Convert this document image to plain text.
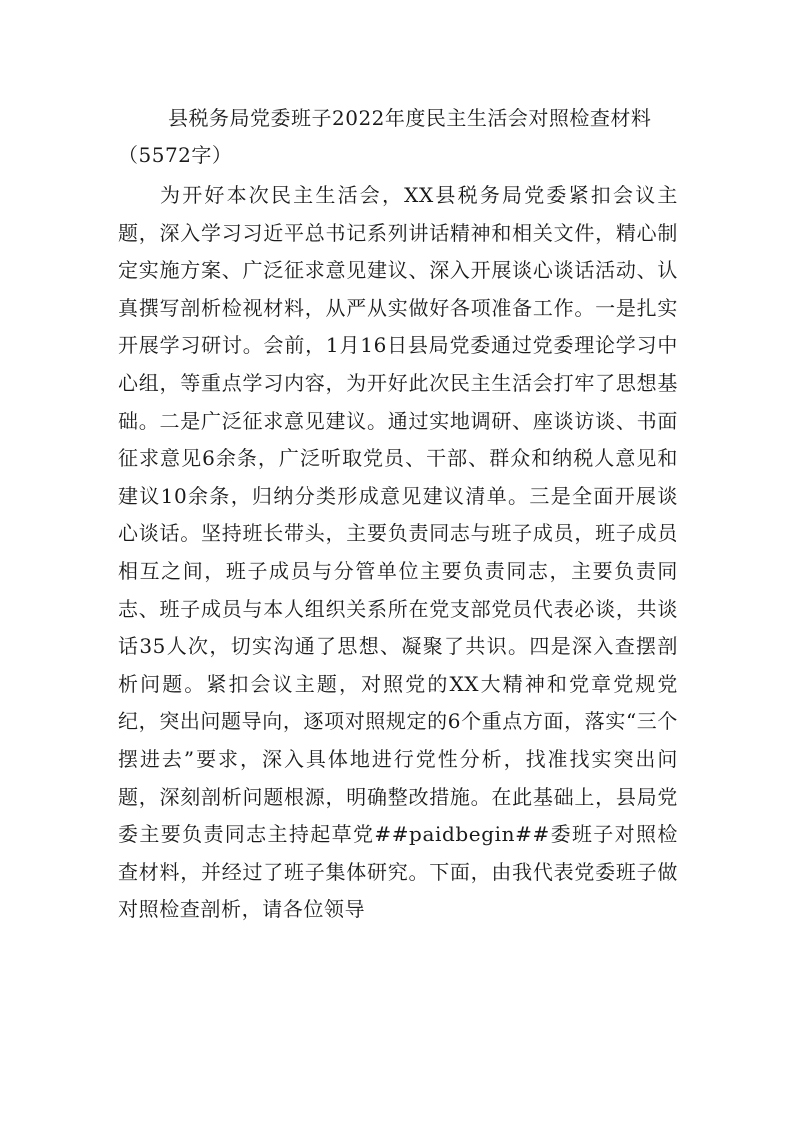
县税务局党委班子2022年度民主生活会对照检查材料（5572字）

为开好本次民主生活会，XX县税务局党委紧扣会议主题，深入学习习近平总书记系列讲话精神和相关文件，精心制定实施方案、广泛征求意见建议、深入开展谈心谈话活动、认真撰写剖析检视材料，从严从实做好各项准备工作。一是扎实开展学习研讨。会前，1月16日县局党委通过党委理论学习中心组，等重点学习内容，为开好此次民主生活会打牢了思想基础。二是广泛征求意见建议。通过实地调研、座谈访谈、书面征求意见6余条，广泛听取党员、干部、群众和纳税人意见和建议10余条，归纳分类形成意见建议清单。三是全面开展谈心谈话。坚持班长带头，主要负责同志与班子成员，班子成员相互之间，班子成员与分管单位主要负责同志，主要负责同志、班子成员与本人组织关系所在党支部党员代表必谈，共谈话35人次，切实沟通了思想、凝聚了共识。四是深入查摆剖析问题。紧扣会议主题，对照党的XX大精神和党章党规党纪，突出问题导向，逐项对照规定的6个重点方面，落实“三个摆进去”要求，深入具体地进行党性分析，找准找实突出问题，深刻剖析问题根源，明确整改措施。在此基础上，县局党委主要负责同志主持起草党##paidbegin##委班子对照检查材料，并经过了班子集体研究。下面，由我代表党委班子做对照检查剖析，请各位领导
